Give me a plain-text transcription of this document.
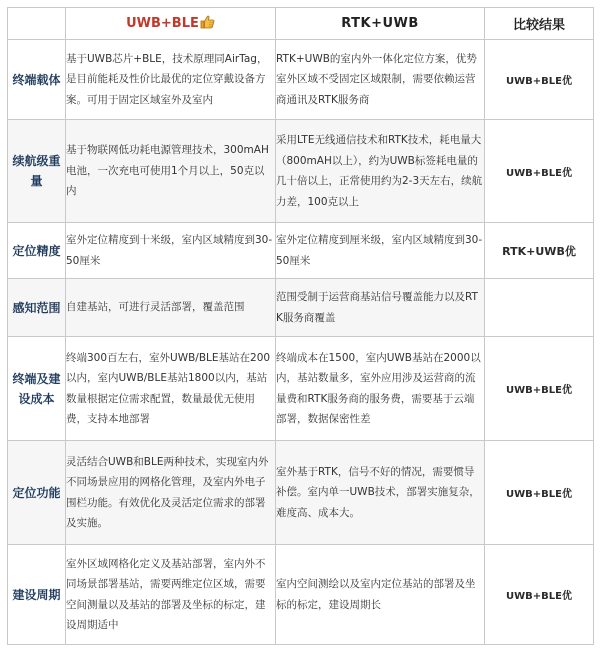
	UWB+BLE	RTK+UWB	比较结果
终端载体	基于UWB芯片+BLE，技术原理同AirTag，是目前能耗及性价比最优的定位穿戴设备方案。可用于固定区域室外及室内	RTK+UWB的室内外一体化定位方案，优势室外区域不受固定区域限制，需要依赖运营商通讯及RTK服务商	UWB+BLE优
续航级重量	基于物联网低功耗电源管理技术，300mAH电池，一次充电可使用1个月以上，50克以内	采用LTE无线通信技术和RTK技术，耗电量大（800mAH以上），约为UWB标签耗电量的几十倍以上，正常使用约为2-3天左右，续航力差，100克以上	UWB+BLE优
定位精度	室外定位精度到十米级，室内区域精度到30-50厘米	室外定位精度到厘米级，室内区域精度到30-50厘米	RTK+UWB优
感知范围	自建基站，可进行灵活部署，覆盖范围	范围受制于运营商基站信号覆盖能力以及RTK服务商覆盖	
终端及建设成本	终端300百左右，室外UWB/BLE基站在200以内，室内UWB/BLE基站1800以内，基站数量根据定位需求配置，数量最优无使用费，支持本地部署	终端成本在1500，室内UWB基站在2000以内，基站数量多，室外应用涉及运营商的流量费和RTK服务商的服务费，需要基于云端部署，数据保密性差	UWB+BLE优
定位功能	灵活结合UWB和BLE两种技术，实现室内外不同场景应用的网格化管理，及室内外电子围栏功能。有效优化及灵活定位需求的部署及实施。	室外基于RTK，信号不好的情况，需要惯导补偿。室内单一UWB技术，部署实施复杂，难度高、成本大。	UWB+BLE优
建设周期	室外区域网格化定义及基站部署，室内外不同场景部署基站，需要两维定位区域，需要空间测量以及基站的部署及坐标的标定，建设周期适中	室内空间测绘以及室内定位基站的部署及坐标的标定，建设周期长	UWB+BLE优
